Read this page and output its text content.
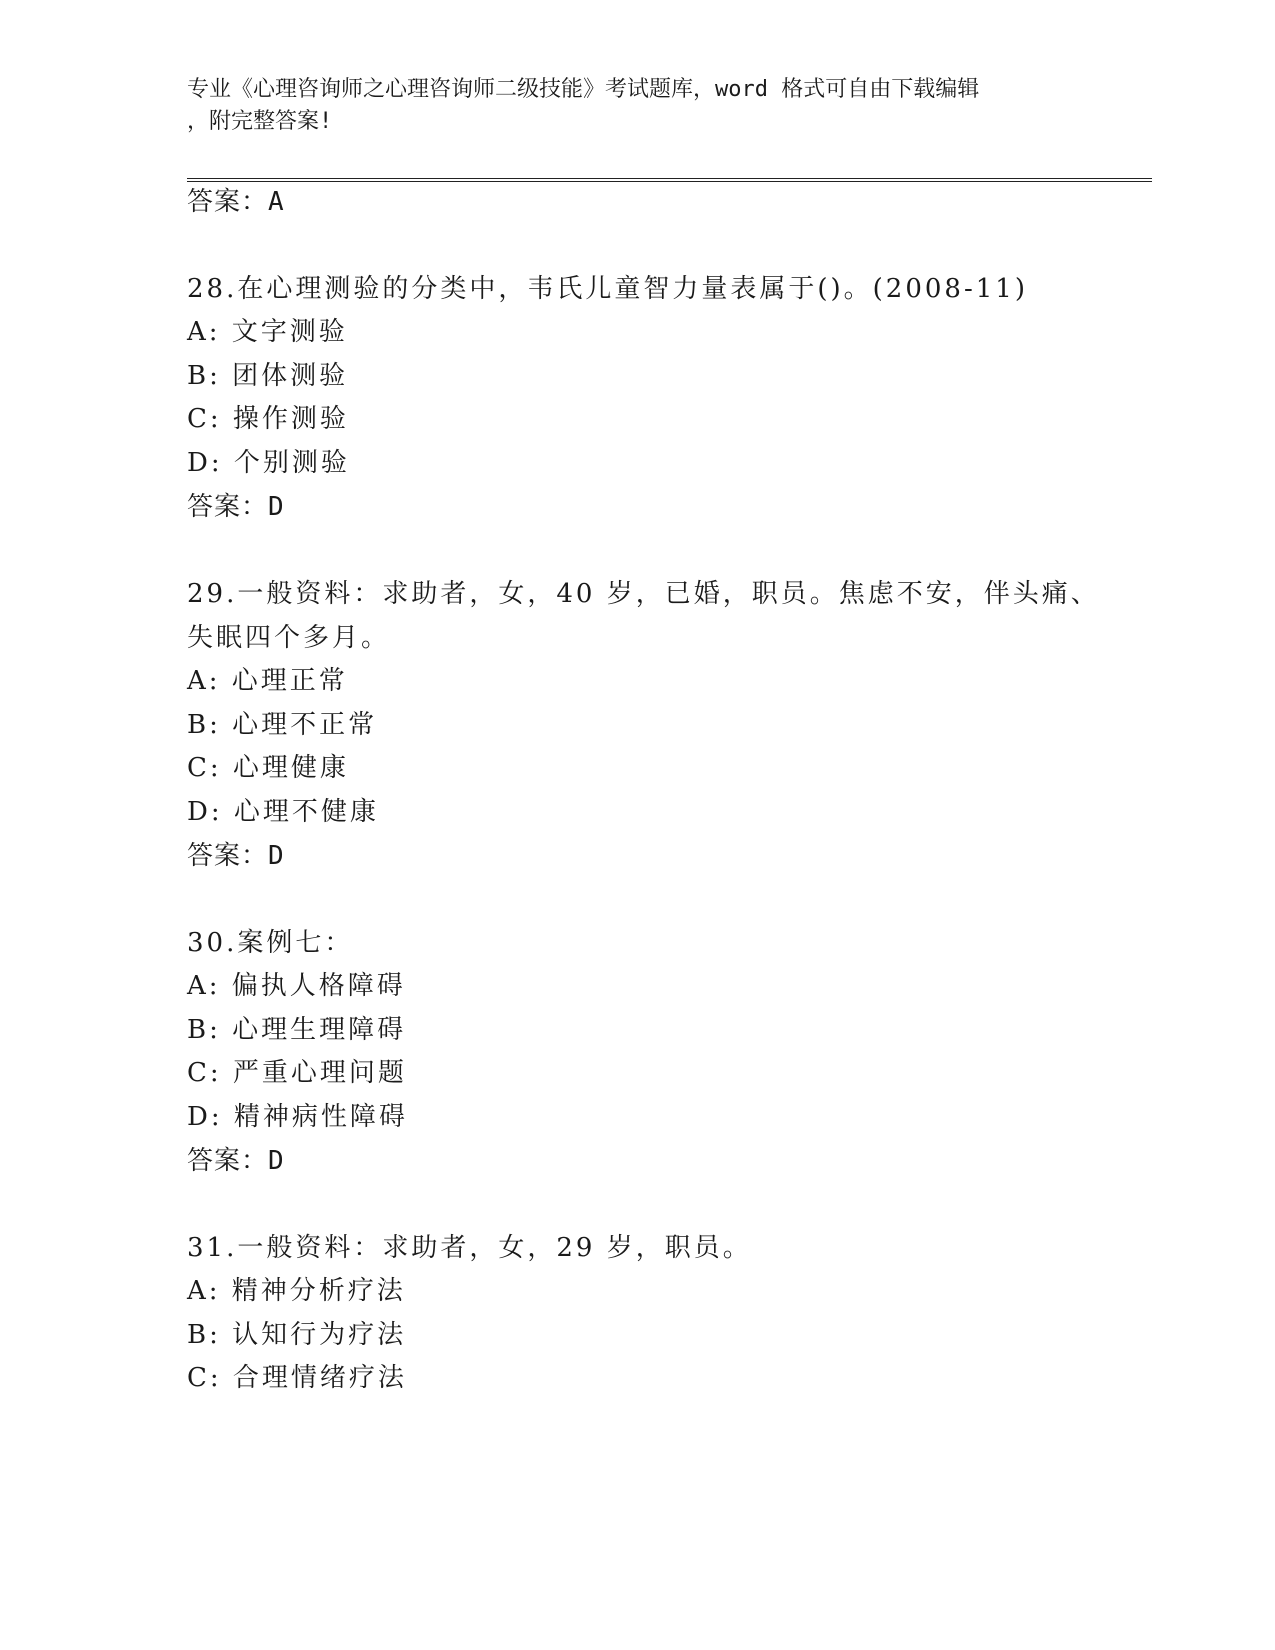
专业《心理咨询师之心理咨询师二级技能》考试题库，word 格式可自由下载编辑
，附完整答案!
答案：A
28.在心理测验的分类中，韦氏儿童智力量表属于()。(2008-11)
A: 文字测验
B: 团体测验
C: 操作测验
D: 个别测验
答案：D
29.一般资料：求助者，女，40 岁，已婚，职员。焦虑不安，伴头痛、
失眠四个多月。
A: 心理正常
B: 心理不正常
C: 心理健康
D: 心理不健康
答案：D
30.案例七：
A: 偏执人格障碍
B: 心理生理障碍
C: 严重心理问题
D: 精神病性障碍
答案：D
31.一般资料：求助者，女，29 岁，职员。
A: 精神分析疗法
B: 认知行为疗法
C: 合理情绪疗法
